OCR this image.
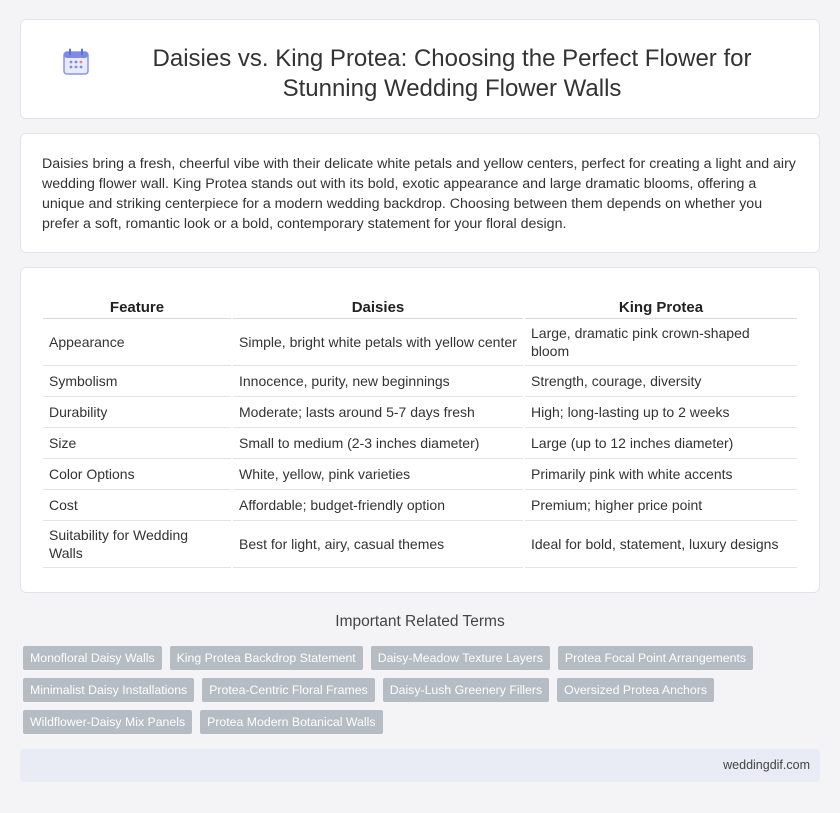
Daisies vs. King Protea: Choosing the Perfect Flower for Stunning Wedding Flower Walls

Daisies bring a fresh, cheerful vibe with their delicate white petals and yellow centers, perfect for creating a light and airy wedding flower wall. King Protea stands out with its bold, exotic appearance and large dramatic blooms, offering a unique and striking centerpiece for a modern wedding backdrop. Choosing between them depends on whether you prefer a soft, romantic look or a bold, contemporary statement for your floral design.

Feature	Daisies	King Protea
Appearance	Simple, bright white petals with yellow center	Large, dramatic pink crown-shaped bloom
Symbolism	Innocence, purity, new beginnings	Strength, courage, diversity
Durability	Moderate; lasts around 5-7 days fresh	High; long-lasting up to 2 weeks
Size	Small to medium (2-3 inches diameter)	Large (up to 12 inches diameter)
Color Options	White, yellow, pink varieties	Primarily pink with white accents
Cost	Affordable; budget-friendly option	Premium; higher price point
Suitability for Wedding Walls	Best for light, airy, casual themes	Ideal for bold, statement, luxury designs
Important Related Terms
Monofloral Daisy Walls	King Protea Backdrop Statement	Daisy-Meadow Texture Layers	Protea Focal Point Arrangements
Minimalist Daisy Installations	Protea-Centric Floral Frames	Daisy-Lush Greenery Fillers	Oversized Protea Anchors
Wildflower-Daisy Mix Panels	Protea Modern Botanical Walls
weddingdif.com
